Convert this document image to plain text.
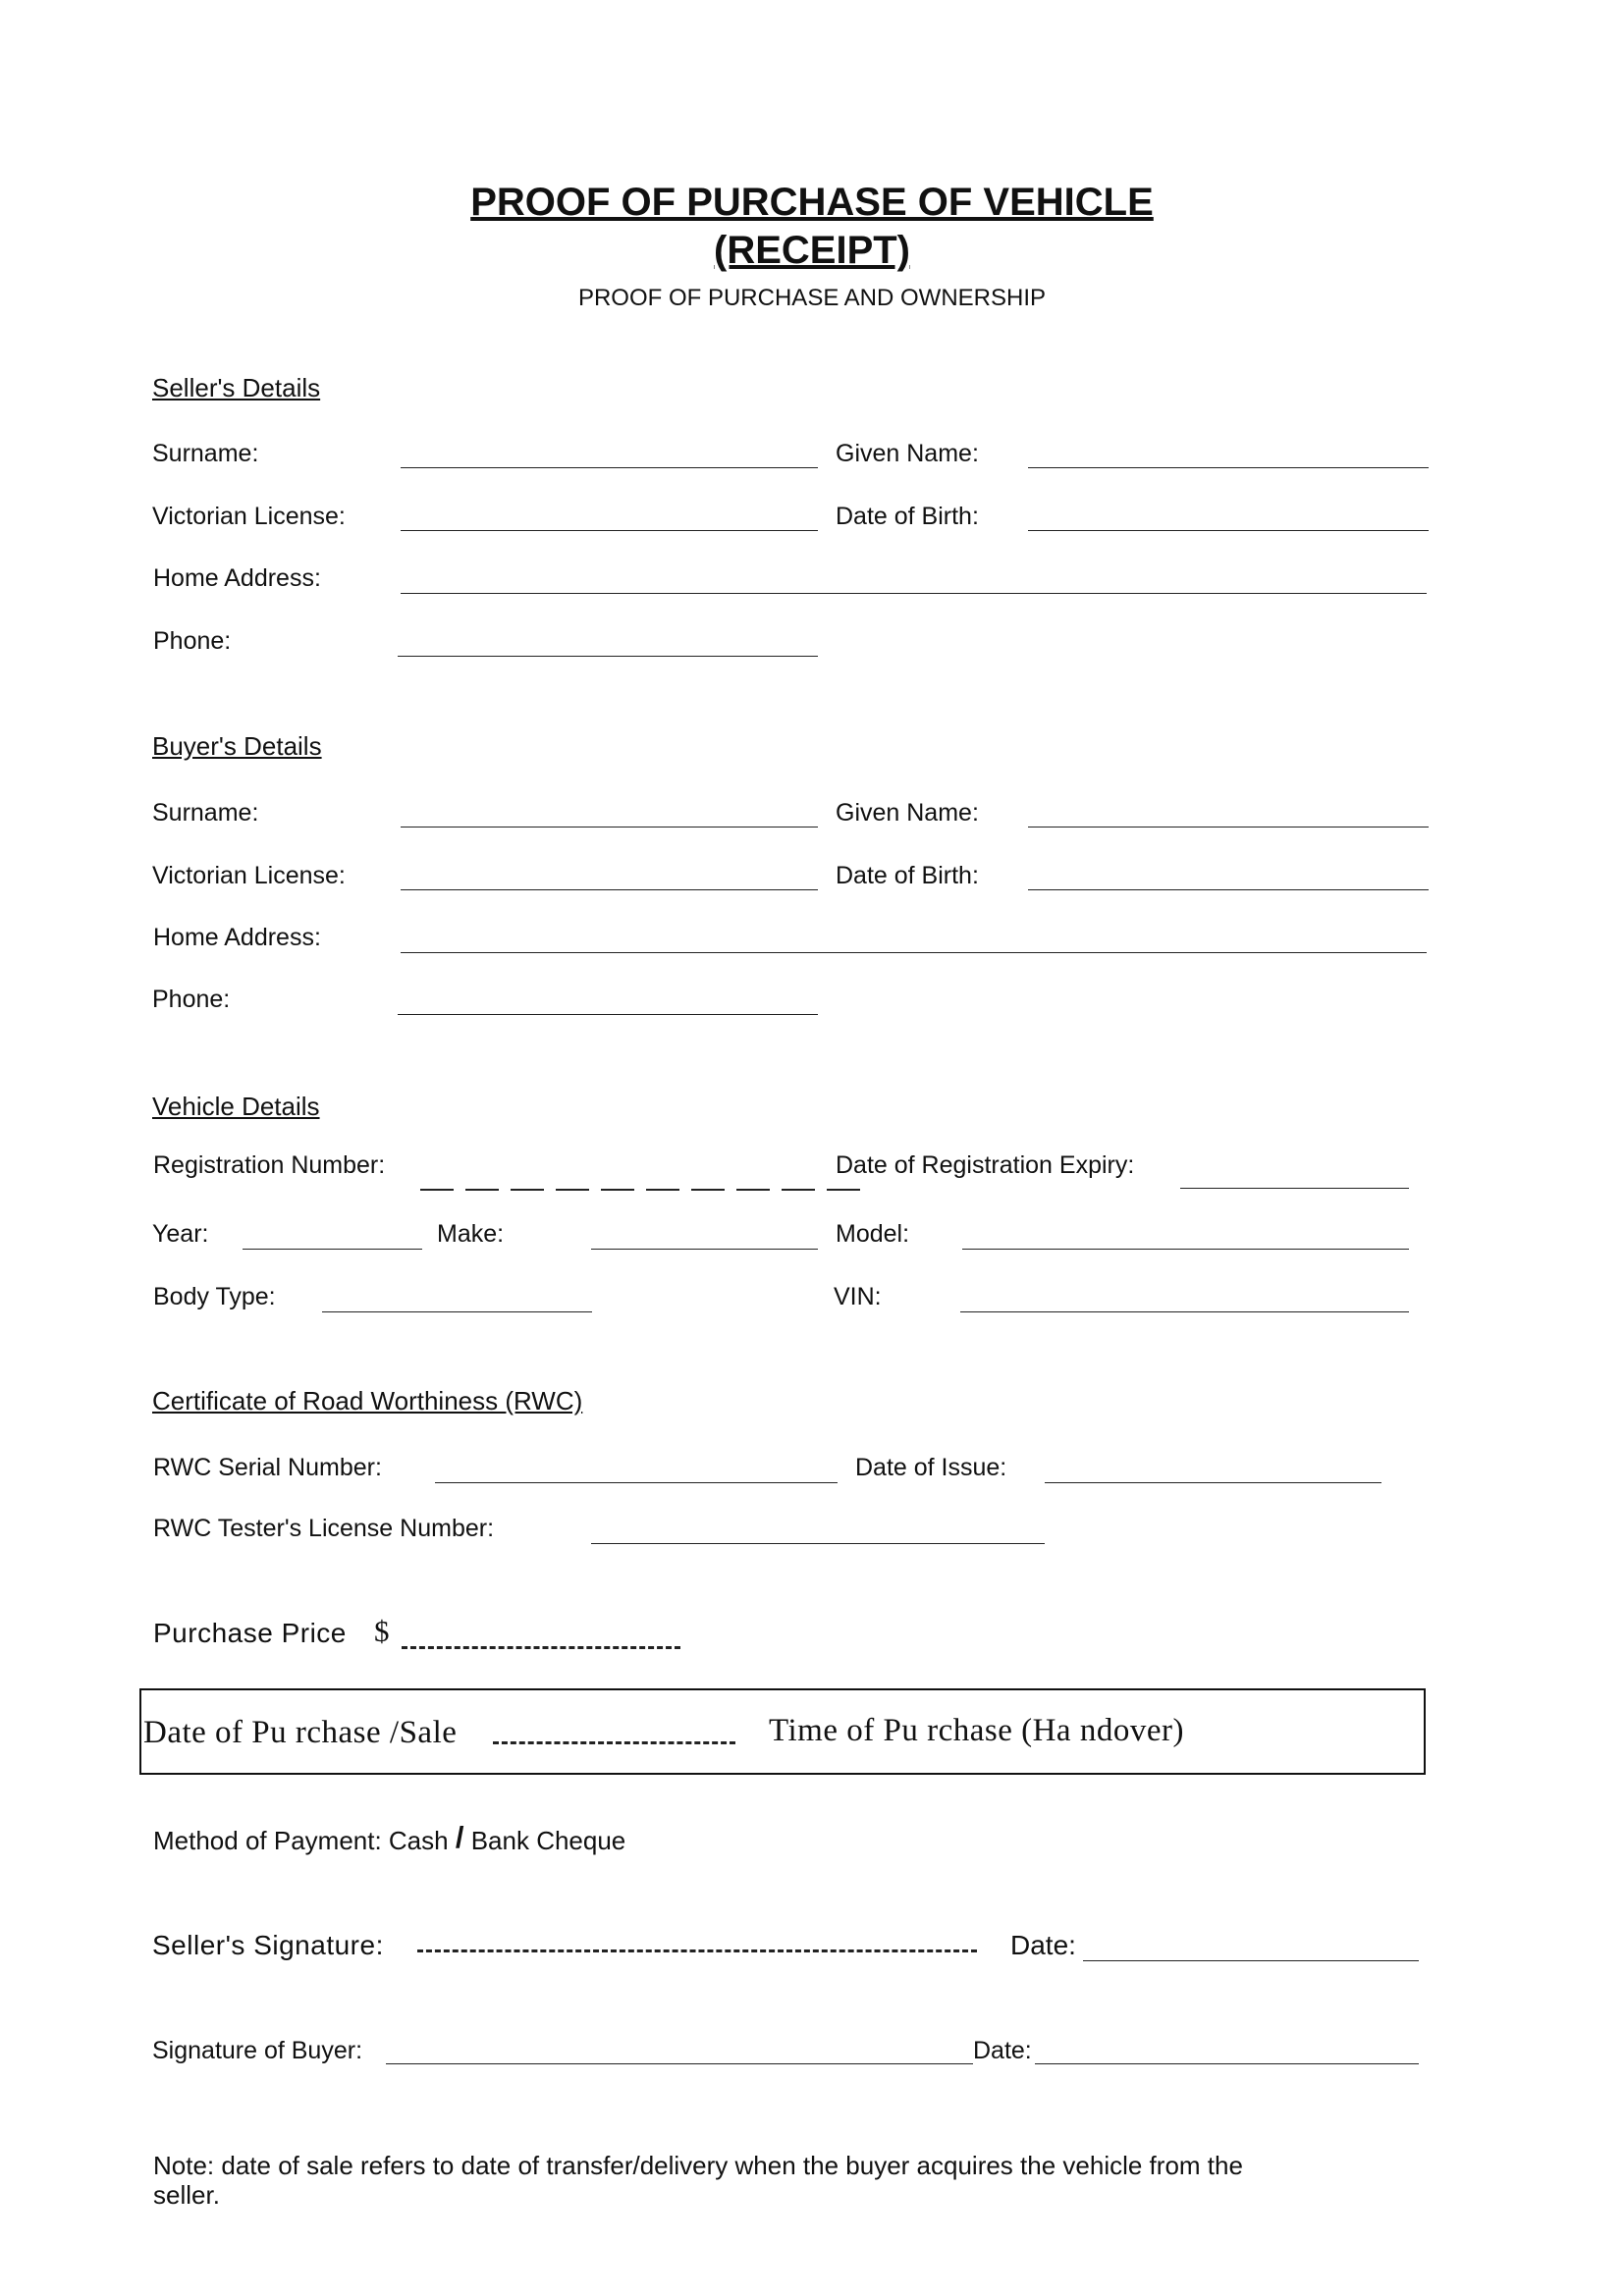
PROOF OF PURCHASE OF VEHICLE
(RECEIPT)
PROOF OF PURCHASE AND OWNERSHIP
Seller's Details
Surname:	Given Name:
Victorian License:	Date of Birth:
Home Address:
Phone:
Buyer's Details
Surname:	Given Name:
Victorian License:	Date of Birth:
Home Address:
Phone:
Vehicle Details
Registration Number:	Date of Registration Expiry:
Year:	Make:	Model:
Body Type:	VIN:
Certificate of Road Worthiness (RWC)
RWC Serial Number:	Date of Issue:
RWC Tester's License Number:
Purchase Price $
Date of Pu rchase /Sale	Time of Pu rchase (Ha ndover)
Method of Payment: Cash / Bank Cheque
Seller's Signature:	Date:
Signature of Buyer:	Date:
Note: date of sale refers to date of transfer/delivery when the buyer acquires the vehicle from the
seller.
